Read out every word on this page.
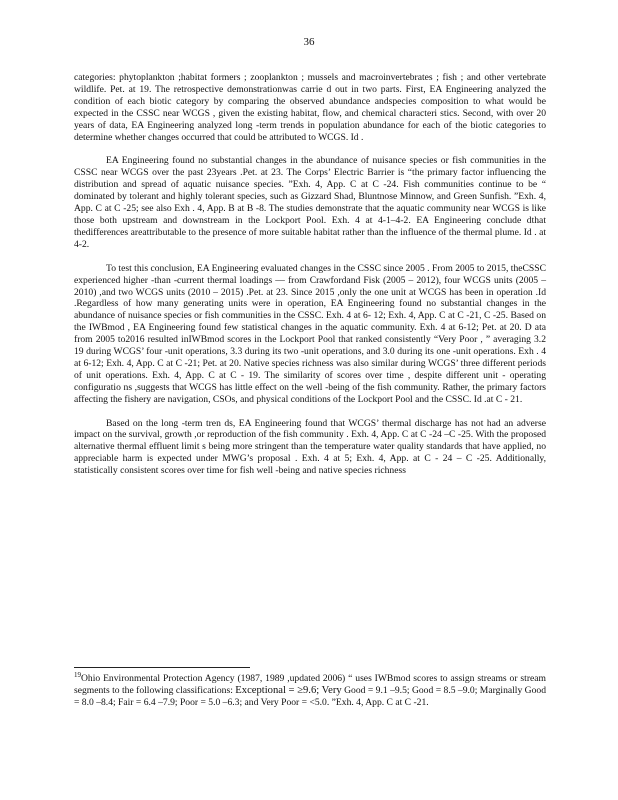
36

categories: phytoplankton ;habitat formers ; zooplankton ; mussels and macroinvertebrates ; fish ; and other vertebrate wildlife. Pet. at 19. The retrospective demonstrationwas carrie d out in two parts. First, EA Engineering analyzed the condition of each biotic category by comparing the observed abundance andspecies composition to what would be expected in the CSSC near WCGS , given the existing habitat, flow, and chemical characteri stics. Second, with over 20 years of data, EA Engineering analyzed long -term trends in population abundance for each of the biotic categories to determine whether changes occurred that could be attributed to WCGS. Id .

EA Engineering found no substantial changes in the abundance of nuisance species or fish communities in the CSSC near WCGS over the past 23years .Pet. at 23. The Corps’ Electric Barrier is “the primary factor influencing the distribution and spread of aquatic nuisance species. ”Exh. 4, App. C at C -24. Fish communities continue to be “ dominated by tolerant and highly tolerant species, such as Gizzard Shad, Bluntnose Minnow, and Green Sunfish. ”Exh. 4, App. C at C -25; see also Exh . 4, App. B at B -8. The studies demonstrate that the aquatic community near WCGS is like those both upstream and downstream in the Lockport Pool. Exh. 4 at 4-1–4-2. EA Engineering conclude dthat thedifferences areattributable to the presence of more suitable habitat rather than the influence of the thermal plume. Id . at 4-2.

To test this conclusion, EA Engineering evaluated changes in the CSSC since 2005 . From 2005 to 2015, theCSSC experienced higher -than -current thermal loadings — from Crawfordand Fisk (2005 – 2012), four WCGS units (2005 –2010) ,and two WCGS units (2010 – 2015) .Pet. at 23. Since 2015 ,only the one unit at WCGS has been in operation .Id .Regardless of how many generating units were in operation, EA Engineering found no substantial changes in the abundance of nuisance species or fish communities in the CSSC. Exh. 4 at 6- 12; Exh. 4, App. C at C -21, C -25. Based on the IWBmod , EA Engineering found few statistical changes in the aquatic community. Exh. 4 at 6-12; Pet. at 20. D ata from 2005 to2016 resulted inIWBmod scores in the Lockport Pool that ranked consistently “Very Poor , ” averaging 3.2 19 during WCGS’ four -unit operations, 3.3 during its two -unit operations, and 3.0 during its one -unit operations. Exh . 4 at 6-12; Exh. 4, App. C at C -21; Pet. at 20. Native species richness was also similar during WCGS’ three different periods of unit operations. Exh. 4, App. C at C - 19. The similarity of scores over time , despite different unit - operating configuratio ns ,suggests that WCGS has little effect on the well -being of the fish community. Rather, the primary factors affecting the fishery are navigation, CSOs, and physical conditions of the Lockport Pool and the CSSC. Id .at C - 21.

Based on the long -term tren ds, EA Engineering found that WCGS’ thermal discharge has not had an adverse impact on the survival, growth ,or reproduction of the fish community . Exh. 4, App. C at C -24 –C -25. With the proposed alternative thermal effluent limit s being more stringent than the temperature water quality standards that have applied, no appreciable harm is expected under MWG’s proposal . Exh. 4 at 5; Exh. 4, App. at C - 24 – C -25. Additionally, statistically consistent scores over time for fish well -being and native species richness

$^{19}$Ohio Environmental Protection Agency (1987, 1989 ,updated 2006) “ uses IWBmod scores to assign streams or stream segments to the following classifications: Exceptional = ≥9.6; Very Good = 9.1 –9.5; Good = 8.5 –9.0; Marginally Good = 8.0 –8.4; Fair = 6.4 –7.9; Poor = 5.0 –6.3; and Very Poor = <5.0. ”Exh. 4, App. C at C -21.
